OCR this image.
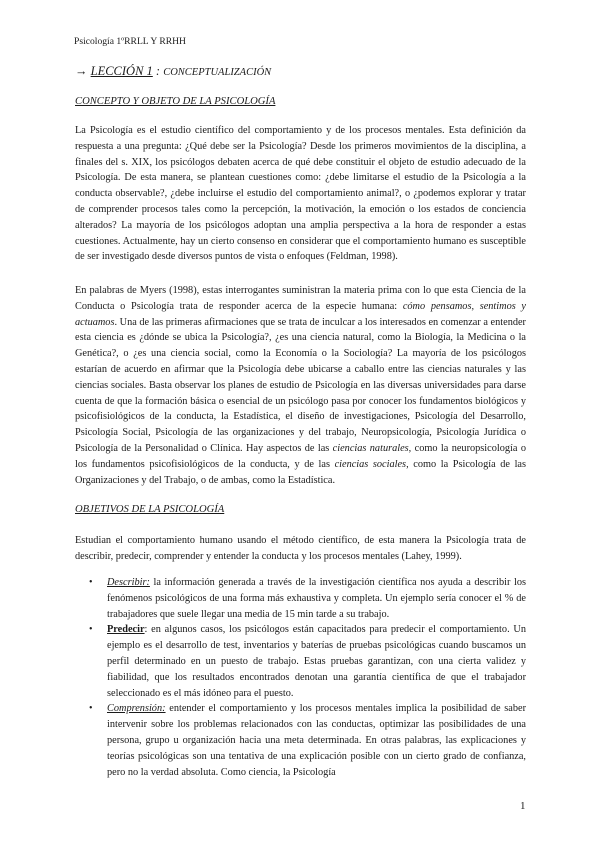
Psicología 1ºRRLL Y RRHH
→ LECCIÓN 1 : CONCEPTUALIZACIÓN
CONCEPTO Y OBJETO DE LA PSICOLOGÍA

La Psicología es el estudio científico del comportamiento y de los procesos mentales. Esta definición da respuesta a una pregunta: ¿Qué debe ser la Psicología? Desde los primeros movimientos de la disciplina, a finales del s. XIX, los psicólogos debaten acerca de qué debe constituir el objeto de estudio adecuado de la Psicología. De esta manera, se plantean cuestiones como: ¿debe limitarse el estudio de la Psicología a la conducta observable?, ¿debe incluirse el estudio del comportamiento animal?, o ¿podemos explorar y tratar de comprender procesos tales como la percepción, la motivación, la emoción o los estados de conciencia alterados? La mayoría de los psicólogos adoptan una amplia perspectiva a la hora de responder a estas cuestiones. Actualmente, hay un cierto consenso en considerar que el comportamiento humano es susceptible de ser investigado desde diversos puntos de vista o enfoques (Feldman, 1998).

En palabras de Myers (1998), estas interrogantes suministran la materia prima con lo que esta Ciencia de la Conducta o Psicología trata de responder acerca de la especie humana: cómo pensamos, sentimos y actuamos. Una de las primeras afirmaciones que se trata de inculcar a los interesados en comenzar a entender esta ciencia es ¿dónde se ubica la Psicología?, ¿es una ciencia natural, como la Biología, la Medicina o la Genética?, o ¿es una ciencia social, como la Economía o la Sociología? La mayoría de los psicólogos estarían de acuerdo en afirmar que la Psicología debe ubicarse a caballo entre las ciencias naturales y las ciencias sociales. Basta observar los planes de estudio de Psicología en las diversas universidades para darse cuenta de que la formación básica o esencial de un psicólogo pasa por conocer los fundamentos biológicos y psicofisiológicos de la conducta, la Estadística, el diseño de investigaciones, Psicología del Desarrollo, Psicología Social, Psicología de las organizaciones y del trabajo, Neuropsicología, Psicología Jurídica o Psicología de la Personalidad o Clínica. Hay aspectos de las ciencias naturales, como la neuropsicología o los fundamentos psicofisiológicos de la conducta, y de las ciencias sociales, como la Psicología de las Organizaciones y del Trabajo, o de ambas, como la Estadística.

OBJETIVOS DE LA PSICOLOGÍA

Estudian el comportamiento humano usando el método científico, de esta manera la Psicología trata de describir, predecir, comprender y entender la conducta y los procesos mentales (Lahey, 1999).

• Describir: la información generada a través de la investigación científica nos ayuda a describir los fenómenos psicológicos de una forma más exhaustiva y completa. Un ejemplo sería conocer el % de trabajadores que suele llegar una media de 15 min tarde a su trabajo.
• Predecir: en algunos casos, los psicólogos están capacitados para predecir el comportamiento. Un ejemplo es el desarrollo de test, inventarios y baterías de pruebas psicológicas cuando buscamos un perfil determinado en un puesto de trabajo. Estas pruebas garantizan, con una cierta validez y fiabilidad, que los resultados encontrados denotan una garantía científica de que el trabajador seleccionado es el más idóneo para el puesto.
• Comprensión: entender el comportamiento y los procesos mentales implica la posibilidad de saber intervenir sobre los problemas relacionados con las conductas, optimizar las posibilidades de una persona, grupo u organización hacia una meta determinada. En otras palabras, las explicaciones y teorías psicológicas son una tentativa de una explicación posible con un cierto grado de confianza, pero no la verdad absoluta. Como ciencia, la Psicología
1
